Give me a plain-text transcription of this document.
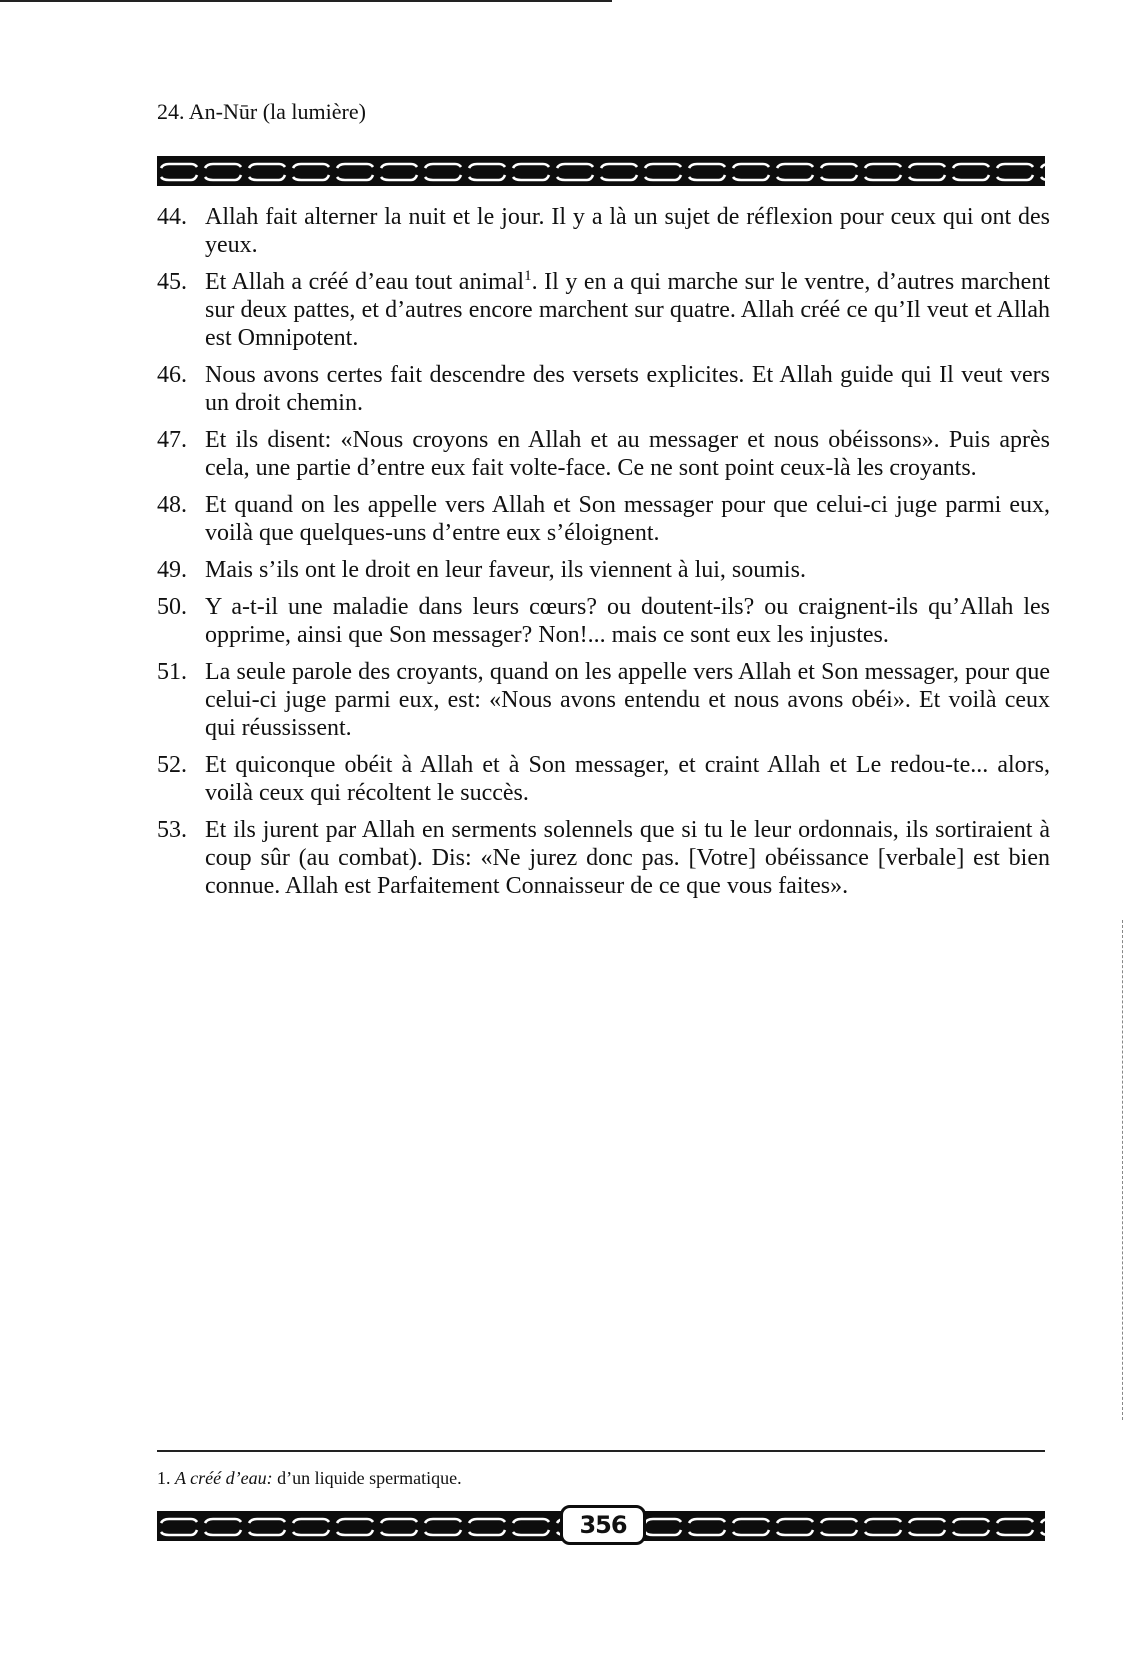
24. An-Nūr (la lumière)
44. Allah fait alterner la nuit et le jour. Il y a là un sujet de réflexion pour ceux qui ont des yeux.
45. Et Allah a créé d’eau tout animal$^1$. Il y en a qui marche sur le ventre, d’autres marchent sur deux pattes, et d’autres encore marchent sur quatre. Allah créé ce qu’Il veut et Allah est Omnipotent.
46. Nous avons certes fait descendre des versets explicites. Et Allah guide qui Il veut vers un droit chemin.
47. Et ils disent: «Nous croyons en Allah et au messager et nous obéissons». Puis après cela, une partie d’entre eux fait volte-face. Ce ne sont point ceux-là les croyants.
48. Et quand on les appelle vers Allah et Son messager pour que celui-ci juge parmi eux, voilà que quelques-uns d’entre eux s’éloignent.
49. Mais s’ils ont le droit en leur faveur, ils viennent à lui, soumis.
50. Y a-t-il une maladie dans leurs cœurs? ou doutent-ils? ou craignent-ils qu’Allah les opprime, ainsi que Son messager? Non!... mais ce sont eux les injustes.
51. La seule parole des croyants, quand on les appelle vers Allah et Son messager, pour que celui-ci juge parmi eux, est: «Nous avons entendu et nous avons obéi». Et voilà ceux qui réussissent.
52. Et quiconque obéit à Allah et à Son messager, et craint Allah et Le redou-te... alors, voilà ceux qui récoltent le succès.
53. Et ils jurent par Allah en serments solennels que si tu le leur ordonnais, ils sortiraient à coup sûr (au combat). Dis: «Ne jurez donc pas. [Votre] obéissance [verbale] est bien connue. Allah est Parfaitement Connaisseur de ce que vous faites».
1. A créé d’eau: d’un liquide spermatique.
356
